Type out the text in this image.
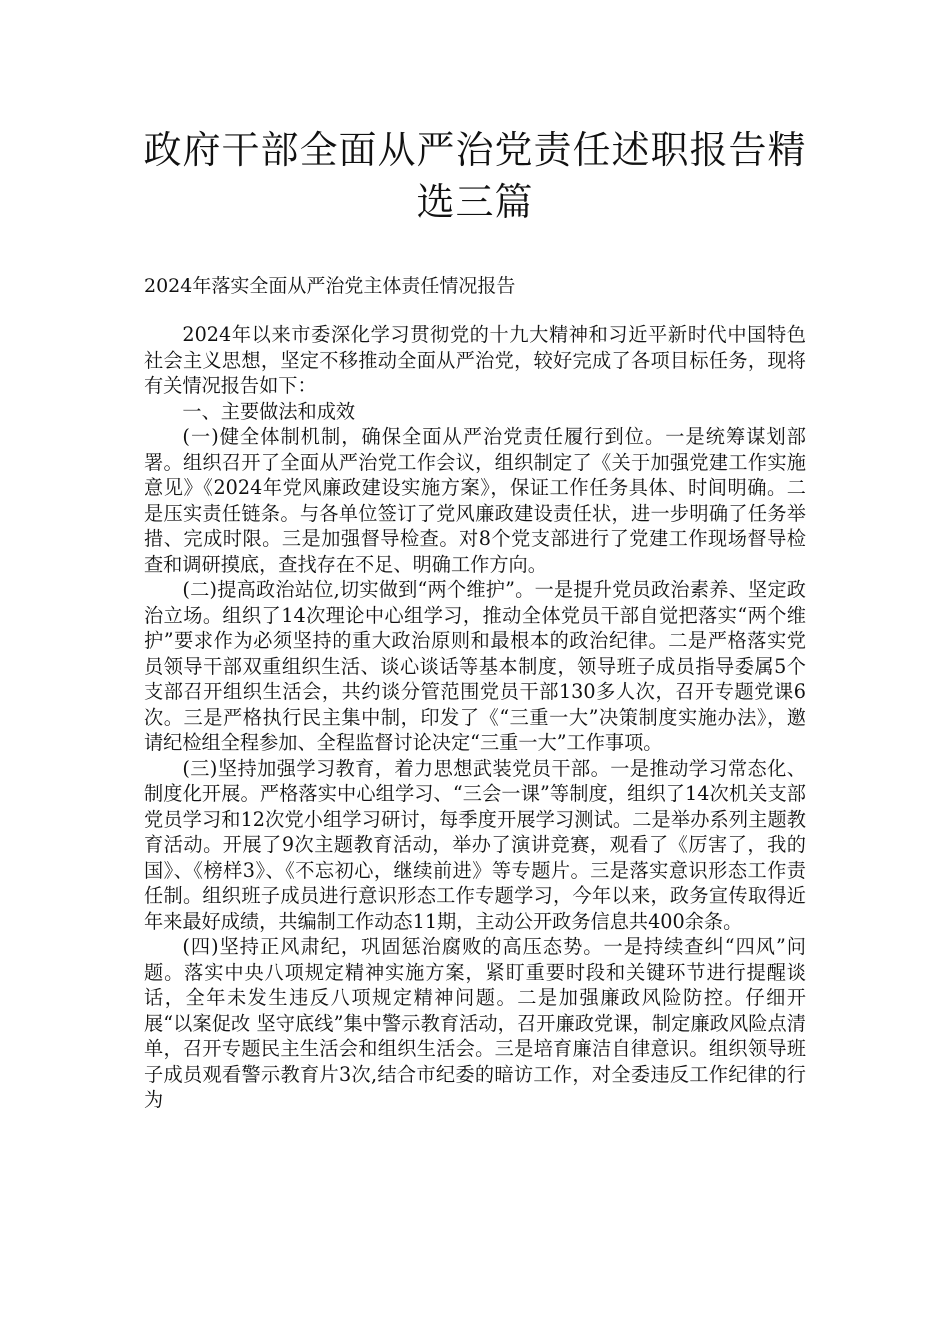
政府干部全面从严治党责任述职报告精选三篇

2024年落实全面从严治党主体责任情况报告

2024年以来市委深化学习贯彻党的十九大精神和习近平新时代中国特色社会主义思想，坚定不移推动全面从严治党，较好完成了各项目标任务，现将有关情况报告如下：

一、主要做法和成效

(一)健全体制机制，确保全面从严治党责任履行到位。一是统筹谋划部署。组织召开了全面从严治党工作会议，组织制定了《关于加强党建工作实施意见》《2024年党风廉政建设实施方案》，保证工作任务具体、时间明确。二是压实责任链条。与各单位签订了党风廉政建设责任状，进一步明确了任务举措、完成时限。三是加强督导检查。对8个党支部进行了党建工作现场督导检查和调研摸底，查找存在不足、明确工作方向。

(二)提高政治站位,切实做到“两个维护”。一是提升党员政治素养、坚定政治立场。组织了14次理论中心组学习，推动全体党员干部自觉把落实“两个维护”要求作为必须坚持的重大政治原则和最根本的政治纪律。二是严格落实党员领导干部双重组织生活、谈心谈话等基本制度，领导班子成员指导委属5个支部召开组织生活会，共约谈分管范围党员干部130多人次，召开专题党课6次。三是严格执行民主集中制，印发了《“三重一大”决策制度实施办法》，邀请纪检组全程参加、全程监督讨论决定“三重一大”工作事项。

(三)坚持加强学习教育，着力思想武装党员干部。一是推动学习常态化、制度化开展。严格落实中心组学习、“三会一课”等制度，组织了14次机关支部党员学习和12次党小组学习研讨，每季度开展学习测试。二是举办系列主题教育活动。开展了9次主题教育活动，举办了演讲竞赛，观看了《厉害了，我的国》、《榜样3》、《不忘初心，继续前进》等专题片。三是落实意识形态工作责任制。组织班子成员进行意识形态工作专题学习，今年以来，政务宣传取得近年来最好成绩，共编制工作动态11期，主动公开政务信息共400余条。

(四)坚持正风肃纪，巩固惩治腐败的高压态势。一是持续查纠“四风”问题。落实中央八项规定精神实施方案，紧盯重要时段和关键环节进行提醒谈话，全年未发生违反八项规定精神问题。二是加强廉政风险防控。仔细开展“以案促改 坚守底线”集中警示教育活动，召开廉政党课，制定廉政风险点清单，召开专题民主生活会和组织生活会。三是培育廉洁自律意识。组织领导班子成员观看警示教育片3次,结合市纪委的暗访工作，对全委违反工作纪律的行为
